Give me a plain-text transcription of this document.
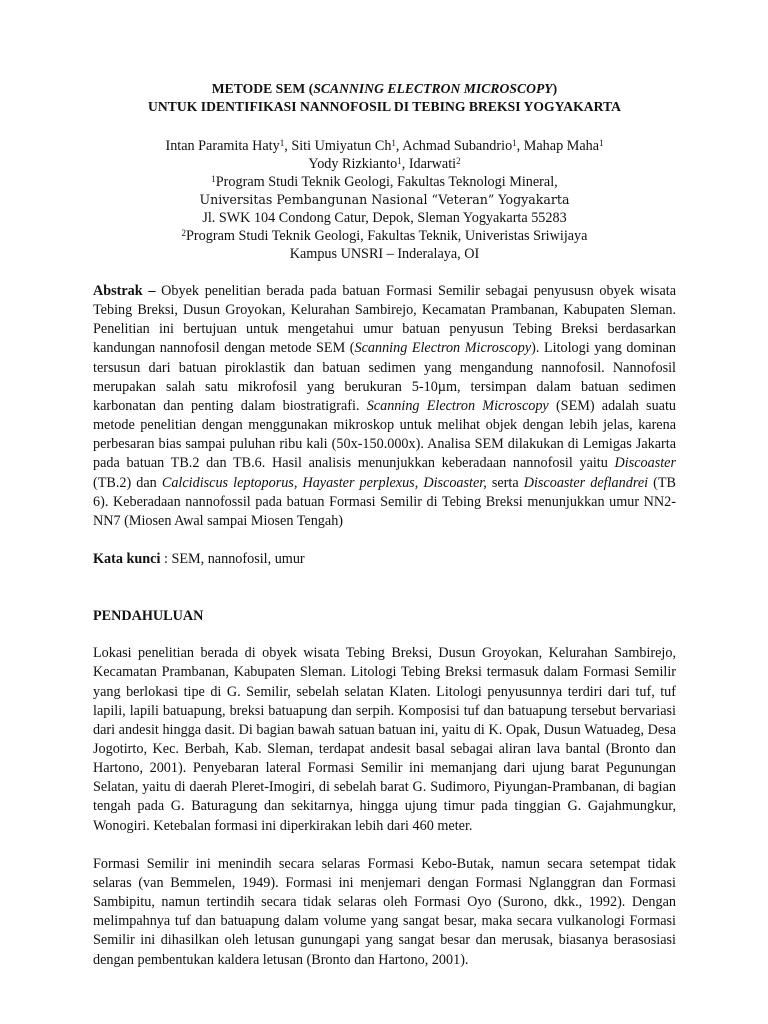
METODE SEM (SCANNING ELECTRON MICROSCOPY)
UNTUK IDENTIFIKASI NANNOFOSIL DI TEBING BREKSI YOGYAKARTA
Intan Paramita Haty$^1$, Siti Umiyatun Ch$^1$, Achmad Subandrio$^1$, Mahap Maha$^1$
Yody Rizkianto$^1$, Idarwati$^2$
$^1$Program Studi Teknik Geologi, Fakultas Teknologi Mineral,
Universitas Pembangunan Nasional “Veteran” Yogyakarta
Jl. SWK 104 Condong Catur, Depok, Sleman Yogyakarta 55283
$^2$Program Studi Teknik Geologi, Fakultas Teknik, Univeristas Sriwijaya
Kampus UNSRI – Inderalaya, OI

Abstrak – Obyek penelitian berada pada batuan Formasi Semilir sebagai penyususn obyek wisata Tebing Breksi, Dusun Groyokan, Kelurahan Sambirejo, Kecamatan Prambanan, Kabupaten Sleman. Penelitian ini bertujuan untuk mengetahui umur batuan penyusun Tebing Breksi berdasarkan kandungan nannofosil dengan metode SEM (Scanning Electron Microscopy). Litologi yang dominan tersusun dari batuan piroklastik dan batuan sedimen yang mengandung nannofosil. Nannofosil merupakan salah satu mikrofosil yang berukuran 5-10µm, tersimpan dalam batuan sedimen karbonatan dan penting dalam biostratigrafi. Scanning Electron Microscopy (SEM) adalah suatu metode penelitian dengan menggunakan mikroskop untuk melihat objek dengan lebih jelas, karena perbesaran bias sampai puluhan ribu kali (50x-150.000x). Analisa SEM dilakukan di Lemigas Jakarta pada batuan TB.2 dan TB.6. Hasil analisis menunjukkan keberadaan nannofosil yaitu Discoaster (TB.2) dan Calcidiscus leptoporus, Hayaster perplexus, Discoaster, serta Discoaster deflandrei (TB 6). Keberadaan nannofossil pada batuan Formasi Semilir di Tebing Breksi menunjukkan umur NN2-NN7 (Miosen Awal sampai Miosen Tengah)

Kata kunci : SEM, nannofosil, umur

PENDAHULUAN

Lokasi penelitian berada di obyek wisata Tebing Breksi, Dusun Groyokan, Kelurahan Sambirejo, Kecamatan Prambanan, Kabupaten Sleman. Litologi Tebing Breksi termasuk dalam Formasi Semilir yang berlokasi tipe di G. Semilir, sebelah selatan Klaten. Litologi penyusunnya terdiri dari tuf, tuf lapili, lapili batuapung, breksi batuapung dan serpih. Komposisi tuf dan batuapung tersebut bervariasi dari andesit hingga dasit. Di bagian bawah satuan batuan ini, yaitu di K. Opak, Dusun Watuadeg, Desa Jogotirto, Kec. Berbah, Kab. Sleman, terdapat andesit basal sebagai aliran lava bantal (Bronto dan Hartono, 2001). Penyebaran lateral Formasi Semilir ini memanjang dari ujung barat Pegunungan Selatan, yaitu di daerah Pleret-Imogiri, di sebelah barat G. Sudimoro, Piyungan-Prambanan, di bagian tengah pada G. Baturagung dan sekitarnya, hingga ujung timur pada tinggian G. Gajahmungkur, Wonogiri. Ketebalan formasi ini diperkirakan lebih dari 460 meter.

Formasi Semilir ini menindih secara selaras Formasi Kebo-Butak, namun secara setempat tidak selaras (van Bemmelen, 1949). Formasi ini menjemari dengan Formasi Nglanggran dan Formasi Sambipitu, namun tertindih secara tidak selaras oleh Formasi Oyo (Surono, dkk., 1992). Dengan melimpahnya tuf dan batuapung dalam volume yang sangat besar, maka secara vulkanologi Formasi Semilir ini dihasilkan oleh letusan gunungapi yang sangat besar dan merusak, biasanya berasosiasi dengan pembentukan kaldera letusan (Bronto dan Hartono, 2001).
